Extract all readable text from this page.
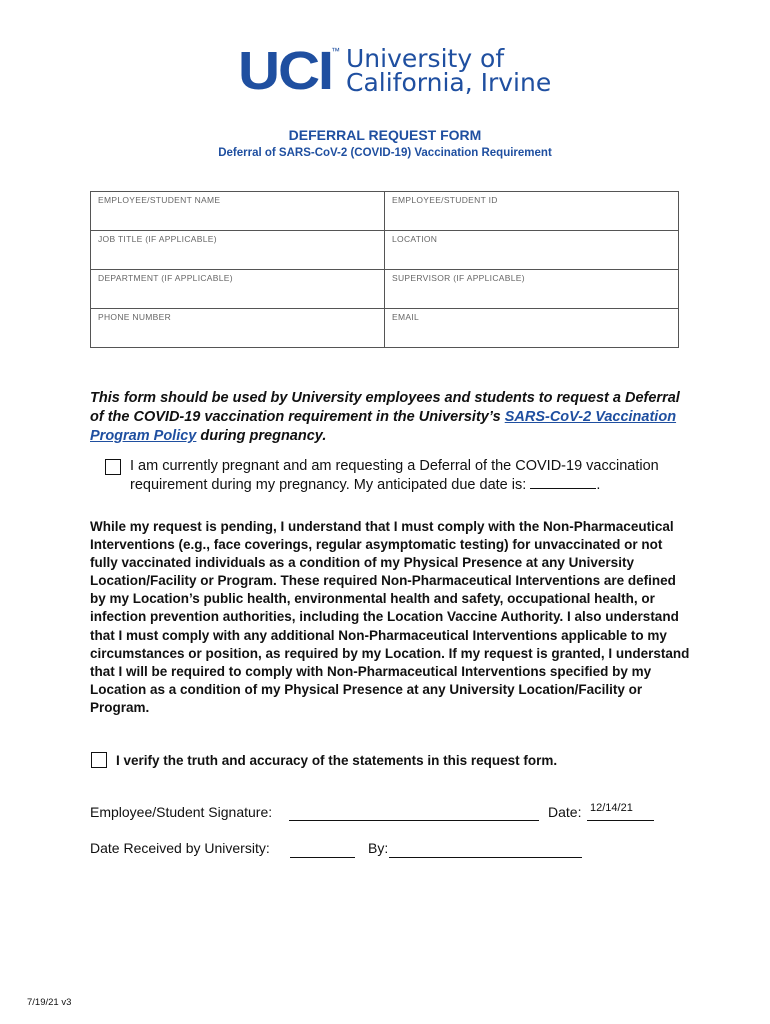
UCI ™ University of
California, Irvine
DEFERRAL REQUEST FORM
Deferral of SARS-CoV-2 (COVID-19) Vaccination Requirement
EMPLOYEE/STUDENT NAME	EMPLOYEE/STUDENT ID
JOB TITLE (IF APPLICABLE)	LOCATION
DEPARTMENT (IF APPLICABLE)	SUPERVISOR (IF APPLICABLE)
PHONE NUMBER	EMAIL
This form should be used by University employees and students to request a Deferral of the COVID-19 vaccination requirement in the University’s SARS-CoV-2 Vaccination Program Policy during pregnancy.
I am currently pregnant and am requesting a Deferral of the COVID-19 vaccination requirement during my pregnancy. My anticipated due date is:	.
While my request is pending, I understand that I must comply with the Non-Pharmaceutical Interventions (e.g., face coverings, regular asymptomatic testing) for unvaccinated or not fully vaccinated individuals as a condition of my Physical Presence at any University Location/Facility or Program. These required Non-Pharmaceutical Interventions are defined by my Location’s public health, environmental health and safety, occupational health, or infection prevention authorities, including the Location Vaccine Authority. I also understand that I must comply with any additional Non-Pharmaceutical Interventions applicable to my circumstances or position, as required by my Location. If my request is granted, I understand that I will be required to comply with Non-Pharmaceutical Interventions specified by my Location as a condition of my Physical Presence at any University Location/Facility or Program.
I verify the truth and accuracy of the statements in this request form.
Employee/Student Signature:	Date: 12/14/21
Date Received by University:	By:
7/19/21 v3
